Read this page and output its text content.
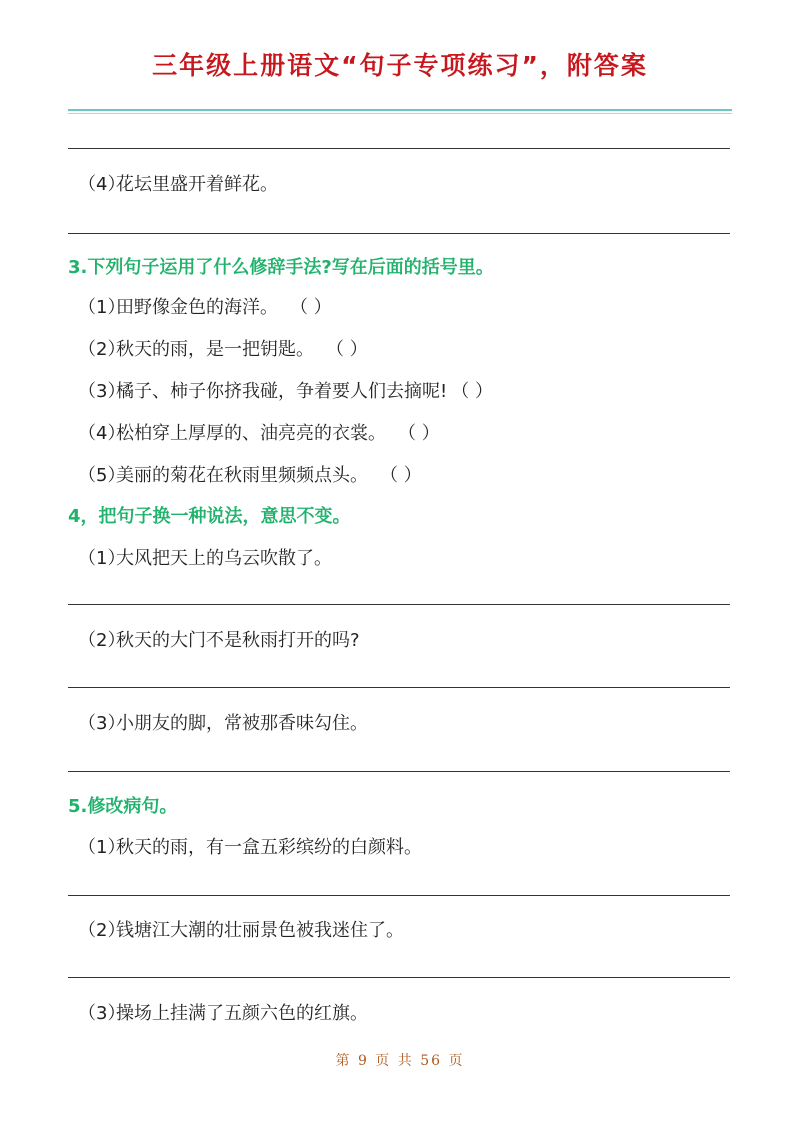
三年级上册语文“句子专项练习”，附答案
（4）花坛里盛开着鲜花。
3.下列句子运用了什么修辞手法?写在后面的括号里。
（1）田野像金色的海洋。 （ ）
（2）秋天的雨，是一把钥匙。 （ ）
（3）橘子、柿子你挤我碰，争着要人们去摘呢! （ ）
（4）松柏穿上厚厚的、油亮亮的衣裳。 （ ）
（5）美丽的菊花在秋雨里频频点头。 （ ）
4，把句子换一种说法，意思不变。
（1）大风把天上的乌云吹散了。
（2）秋天的大门不是秋雨打开的吗?
（3）小朋友的脚，常被那香味勾住。
5.修改病句。
（1）秋天的雨，有一盒五彩缤纷的白颜料。
（2）钱塘江大潮的壮丽景色被我迷住了。
（3）操场上挂满了五颜六色的红旗。
第 9 页 共 56 页
